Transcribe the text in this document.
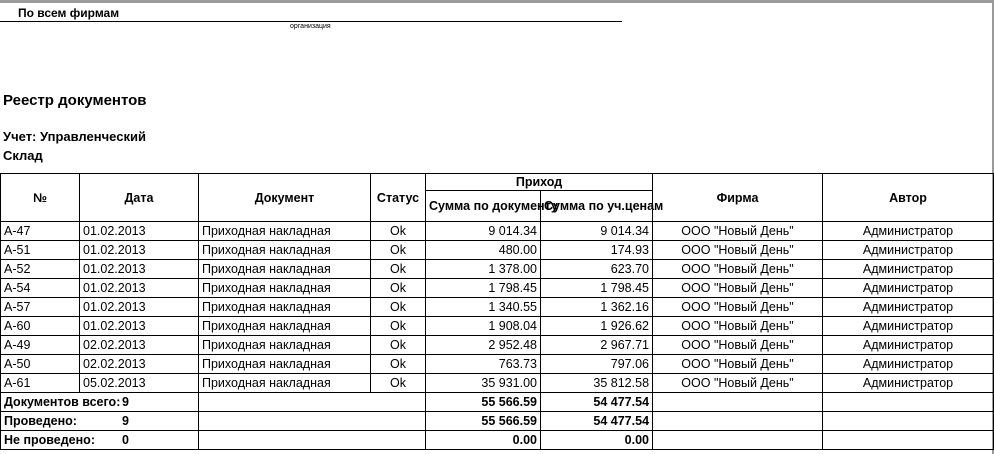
По всем фирмам
организация
Реестр документов
Учет: Управленческий
Склад
№	Дата	Документ	Статус	Приход		Фирма	Автор
				Сумма по документу	Сумма по уч.ценам		
A-47	01.02.2013	Приходная накладная	Ok	9 014.34	9 014.34	ООО "Новый День"	Администратор
A-51	01.02.2013	Приходная накладная	Ok	480.00	174.93	ООО "Новый День"	Администратор
A-52	01.02.2013	Приходная накладная	Ok	1 378.00	623.70	ООО "Новый День"	Администратор
A-54	01.02.2013	Приходная накладная	Ok	1 798.45	1 798.45	ООО "Новый День"	Администратор
A-57	01.02.2013	Приходная накладная	Ok	1 340.55	1 362.16	ООО "Новый День"	Администратор
A-60	01.02.2013	Приходная накладная	Ok	1 908.04	1 926.62	ООО "Новый День"	Администратор
A-49	02.02.2013	Приходная накладная	Ok	2 952.48	2 967.71	ООО "Новый День"	Администратор
A-50	02.02.2013	Приходная накладная	Ok	763.73	797.06	ООО "Новый День"	Администратор
A-61	05.02.2013	Приходная накладная	Ok	35 931.00	35 812.58	ООО "Новый День"	Администратор
Документов всего: 9				55 566.59	54 477.54		
Проведено: 9				55 566.59	54 477.54		
Не проведено: 0				0.00	0.00		
